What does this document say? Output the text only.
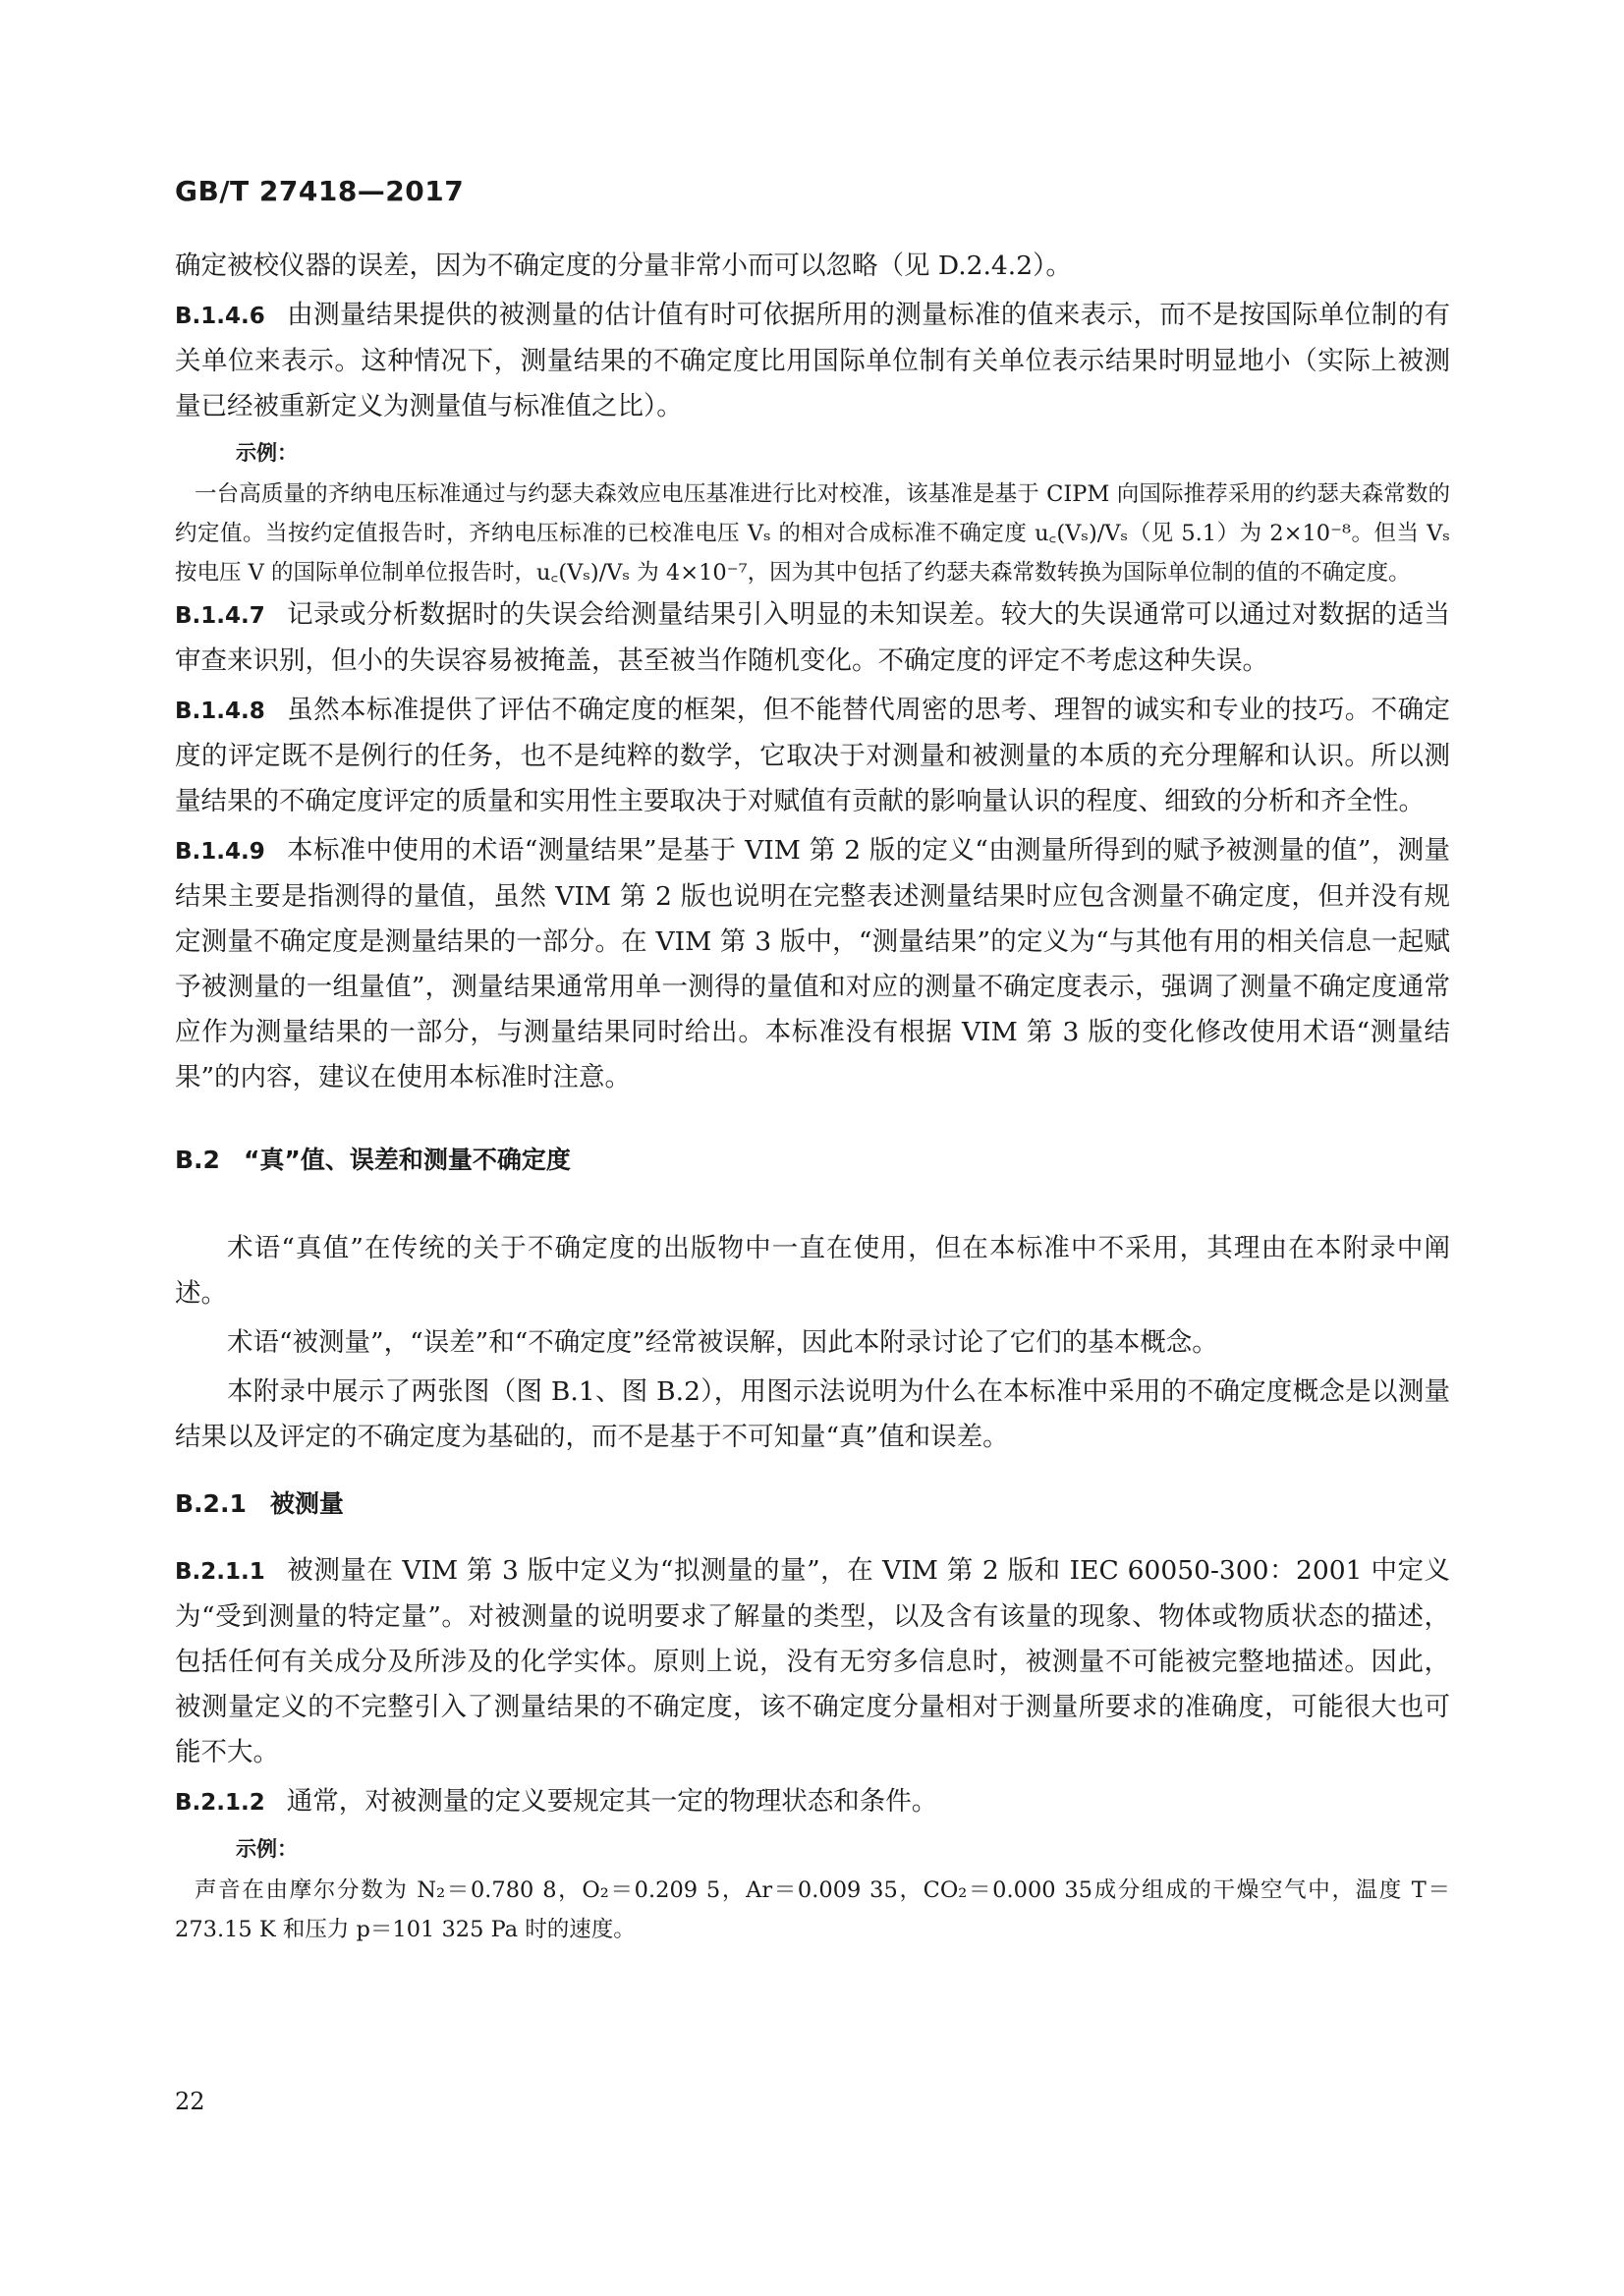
GB/T 27418—2017

确定被校仪器的误差，因为不确定度的分量非常小而可以忽略（见 D.2.4.2）。

B.1.4.6 由测量结果提供的被测量的估计值有时可依据所用的测量标准的值来表示，而不是按国际单位制的有关单位来表示。这种情况下，测量结果的不确定度比用国际单位制有关单位表示结果时明显地小（实际上被测量已经被重新定义为测量值与标准值之比）。

示例：

一台高质量的齐纳电压标准通过与约瑟夫森效应电压基准进行比对校准，该基准是基于 CIPM 向国际推荐采用的约瑟夫森常数的约定值。当按约定值报告时，齐纳电压标准的已校准电压 Vₛ 的相对合成标准不确定度 u꜀(Vₛ)/Vₛ（见 5.1）为 2×10⁻⁸。但当 Vₛ 按电压 V 的国际单位制单位报告时，u꜀(Vₛ)/Vₛ 为 4×10⁻⁷，因为其中包括了约瑟夫森常数转换为国际单位制的值的不确定度。

B.1.4.7 记录或分析数据时的失误会给测量结果引入明显的未知误差。较大的失误通常可以通过对数据的适当审查来识别，但小的失误容易被掩盖，甚至被当作随机变化。不确定度的评定不考虑这种失误。

B.1.4.8 虽然本标准提供了评估不确定度的框架，但不能替代周密的思考、理智的诚实和专业的技巧。不确定度的评定既不是例行的任务，也不是纯粹的数学，它取决于对测量和被测量的本质的充分理解和认识。所以测量结果的不确定度评定的质量和实用性主要取决于对赋值有贡献的影响量认识的程度、细致的分析和齐全性。

B.1.4.9 本标准中使用的术语“测量结果”是基于 VIM 第 2 版的定义“由测量所得到的赋予被测量的值”，测量结果主要是指测得的量值，虽然 VIM 第 2 版也说明在完整表述测量结果时应包含测量不确定度，但并没有规定测量不确定度是测量结果的一部分。在 VIM 第 3 版中，“测量结果”的定义为“与其他有用的相关信息一起赋予被测量的一组量值”，测量结果通常用单一测得的量值和对应的测量不确定度表示，强调了测量不确定度通常应作为测量结果的一部分，与测量结果同时给出。本标准没有根据 VIM 第 3 版的变化修改使用术语“测量结果”的内容，建议在使用本标准时注意。

B.2 “真”值、误差和测量不确定度

术语“真值”在传统的关于不确定度的出版物中一直在使用，但在本标准中不采用，其理由在本附录中阐述。

术语“被测量”，“误差”和“不确定度”经常被误解，因此本附录讨论了它们的基本概念。

本附录中展示了两张图（图 B.1、图 B.2），用图示法说明为什么在本标准中采用的不确定度概念是以测量结果以及评定的不确定度为基础的，而不是基于不可知量“真”值和误差。

B.2.1 被测量

B.2.1.1 被测量在 VIM 第 3 版中定义为“拟测量的量”，在 VIM 第 2 版和 IEC 60050-300：2001 中定义为“受到测量的特定量”。对被测量的说明要求了解量的类型，以及含有该量的现象、物体或物质状态的描述，包括任何有关成分及所涉及的化学实体。原则上说，没有无穷多信息时，被测量不可能被完整地描述。因此，被测量定义的不完整引入了测量结果的不确定度，该不确定度分量相对于测量所要求的准确度，可能很大也可能不大。

B.2.1.2 通常，对被测量的定义要规定其一定的物理状态和条件。

示例：

声音在由摩尔分数为 N₂＝0.780 8，O₂＝0.209 5，Ar＝0.009 35，CO₂＝0.000 35成分组成的干燥空气中，温度 T＝273.15 K 和压力 p＝101 325 Pa 时的速度。

22
